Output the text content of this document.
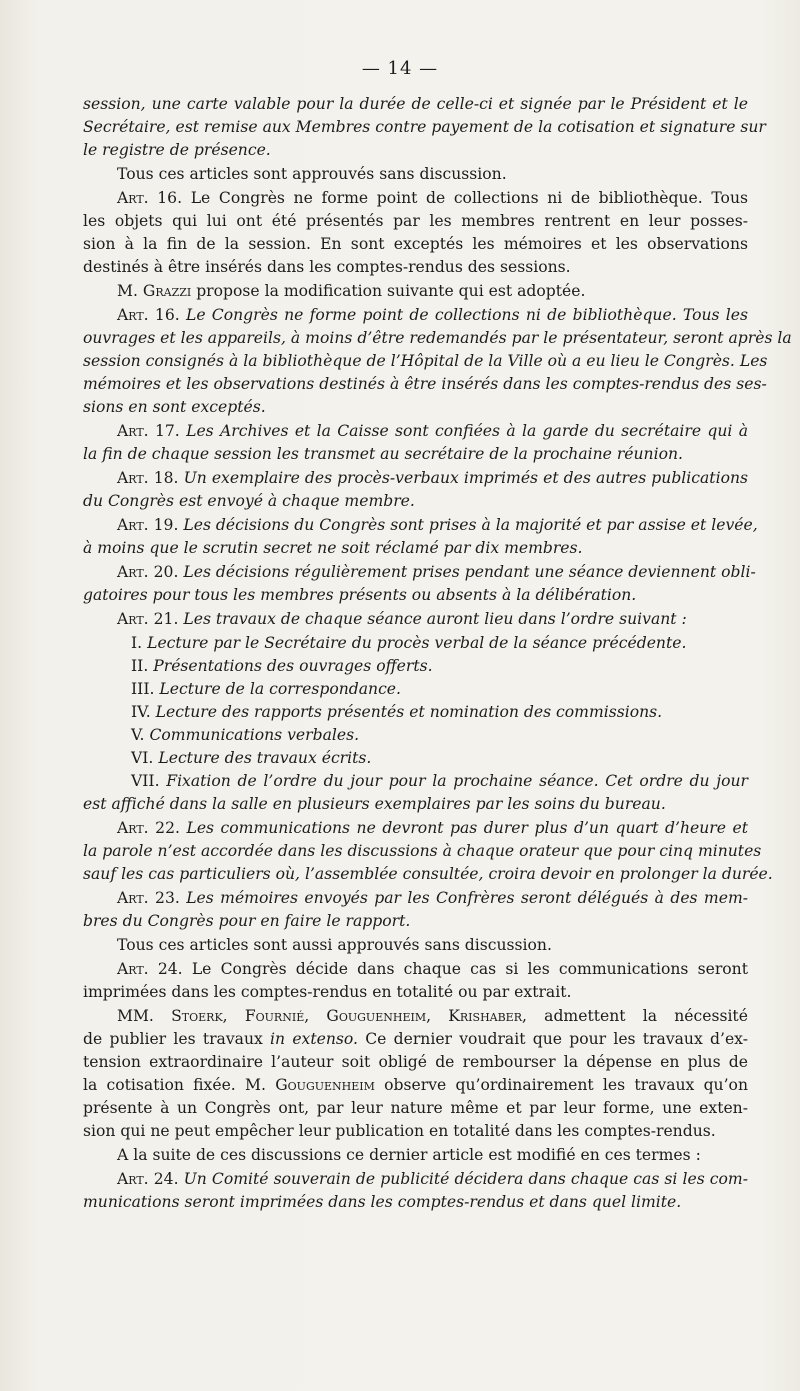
— 14 —
session, une carte valable pour la durée de celle-ci et signée par le Président et le
Secrétaire, est remise aux Membres contre payement de la cotisation et signature sur
le registre de présence.
Tous ces articles sont approuvés sans discussion.
Art. 16. Le Congrès ne forme point de collections ni de bibliothèque. Tous
les objets qui lui ont été présentés par les membres rentrent en leur posses-
sion à la fin de la session. En sont exceptés les mémoires et les observations
destinés à être insérés dans les comptes-rendus des sessions.
M. Grazzi propose la modification suivante qui est adoptée.
Art. 16. Le Congrès ne forme point de collections ni de bibliothèque. Tous les
ouvrages et les appareils, à moins d’être redemandés par le présentateur, seront après la
session consignés à la bibliothèque de l’Hôpital de la Ville où a eu lieu le Congrès. Les
mémoires et les observations destinés à être insérés dans les comptes-rendus des ses-
sions en sont exceptés.
Art. 17. Les Archives et la Caisse sont confiées à la garde du secrétaire qui à
la fin de chaque session les transmet au secrétaire de la prochaine réunion.
Art. 18. Un exemplaire des procès-verbaux imprimés et des autres publications
du Congrès est envoyé à chaque membre.
Art. 19. Les décisions du Congrès sont prises à la majorité et par assise et levée,
à moins que le scrutin secret ne soit réclamé par dix membres.
Art. 20. Les décisions régulièrement prises pendant une séance deviennent obli-
gatoires pour tous les membres présents ou absents à la délibération.
Art. 21. Les travaux de chaque séance auront lieu dans l’ordre suivant :
I. Lecture par le Secrétaire du procès verbal de la séance précédente.
II. Présentations des ouvrages offerts.
III. Lecture de la correspondance.
IV. Lecture des rapports présentés et nomination des commissions.
V. Communications verbales.
VI. Lecture des travaux écrits.
VII. Fixation de l’ordre du jour pour la prochaine séance. Cet ordre du jour
est affiché dans la salle en plusieurs exemplaires par les soins du bureau.
Art. 22. Les communications ne devront pas durer plus d’un quart d’heure et
la parole n’est accordée dans les discussions à chaque orateur que pour cinq minutes
sauf les cas particuliers où, l’assemblée consultée, croira devoir en prolonger la durée.
Art. 23. Les mémoires envoyés par les Confrères seront délégués à des mem-
bres du Congrès pour en faire le rapport.
Tous ces articles sont aussi approuvés sans discussion.
Art. 24. Le Congrès décide dans chaque cas si les communications seront
imprimées dans les comptes-rendus en totalité ou par extrait.
MM. Stoerk, Fournié, Gouguenheim, Krishaber, admettent la nécessité
de publier les travaux in extenso. Ce dernier voudrait que pour les travaux d’ex-
tension extraordinaire l’auteur soit obligé de rembourser la dépense en plus de
la cotisation fixée. M. Gouguenheim observe qu’ordinairement les travaux qu’on
présente à un Congrès ont, par leur nature même et par leur forme, une exten-
sion qui ne peut empêcher leur publication en totalité dans les comptes-rendus.
A la suite de ces discussions ce dernier article est modifié en ces termes :
Art. 24. Un Comité souverain de publicité décidera dans chaque cas si les com-
munications seront imprimées dans les comptes-rendus et dans quel limite.
